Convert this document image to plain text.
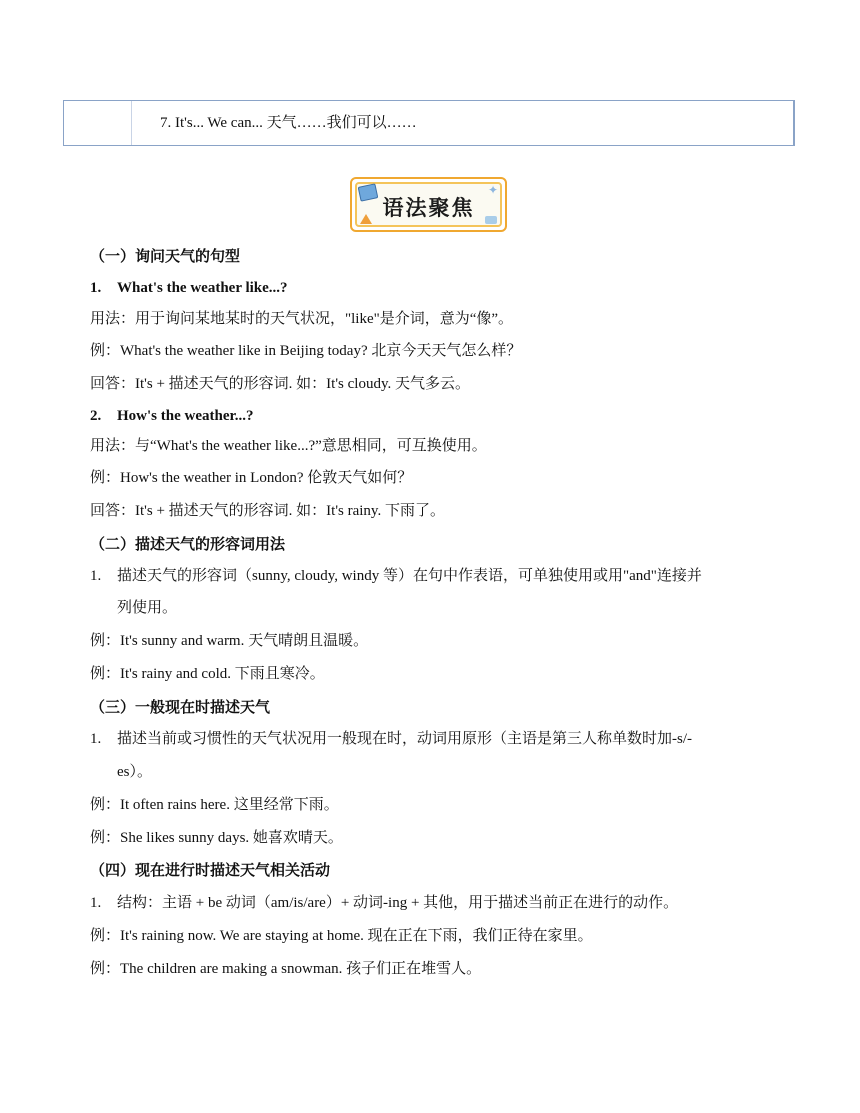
7. It's... We can... 天气……我们可以……
✦
语法聚焦
（一）询问天气的句型
1. What's the weather like...?
用法：用于询问某地某时的天气状况，"like"是介词，意为“像”。
例：What's the weather like in Beijing today? 北京今天天气怎么样？
回答：It's + 描述天气的形容词. 如：It's cloudy. 天气多云。
2. How's the weather...?
用法：与“What's the weather like...?”意思相同，可互换使用。
例：How's the weather in London? 伦敦天气如何？
回答：It's + 描述天气的形容词. 如：It's rainy. 下雨了。
（二）描述天气的形容词用法
1. 描述天气的形容词（sunny, cloudy, windy 等）在句中作表语，可单独使用或用"and"连接并
列使用。
例：It's sunny and warm. 天气晴朗且温暖。
例：It's rainy and cold. 下雨且寒冷。
（三）一般现在时描述天气
1. 描述当前或习惯性的天气状况用一般现在时，动词用原形（主语是第三人称单数时加-s/-
es）。
例：It often rains here. 这里经常下雨。
例：She likes sunny days. 她喜欢晴天。
（四）现在进行时描述天气相关活动
1. 结构：主语 + be 动词（am/is/are）+ 动词-ing + 其他，用于描述当前正在进行的动作。
例：It's raining now. We are staying at home. 现在正在下雨，我们正待在家里。
例：The children are making a snowman. 孩子们正在堆雪人。
